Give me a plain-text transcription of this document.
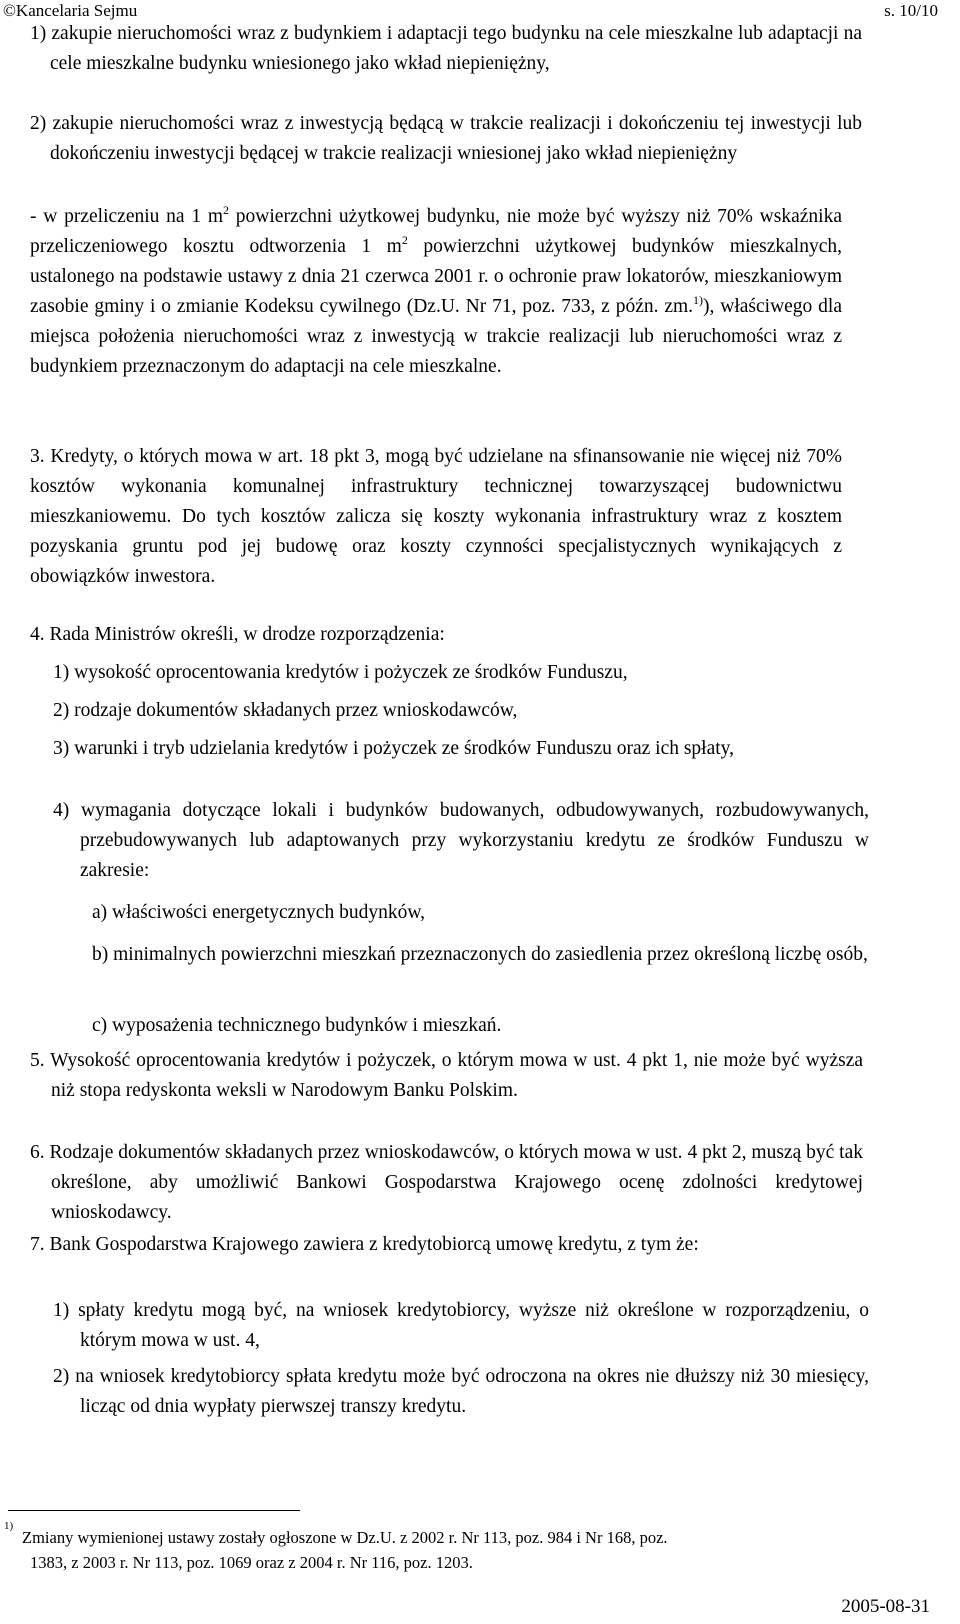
©Kancelaria Sejmu	s. 10/10

1) zakupie nieruchomości wraz z budynkiem i adaptacji tego budynku na cele mieszkalne lub adaptacji na cele mieszkalne budynku wniesionego jako wkład niepieniężny,

2) zakupie nieruchomości wraz z inwestycją będącą w trakcie realizacji i dokończeniu tej inwestycji lub dokończeniu inwestycji będącej w trakcie realizacji wniesionej jako wkład niepieniężny

- w przeliczeniu na 1 $m^2$ powierzchni użytkowej budynku, nie może być wyższy niż 70% wskaźnika przeliczeniowego kosztu odtworzenia 1 $m^2$ powierzchni użytkowej budynków mieszkalnych, ustalonego na podstawie ustawy z dnia 21 czerwca 2001 r. o ochronie praw lokatorów, mieszkaniowym zasobie gminy i o zmianie Kodeksu cywilnego (Dz.U. Nr 71, poz. 733, z późn. zm.$^{1)}$), właściwego dla miejsca położenia nieruchomości wraz z inwestycją w trakcie realizacji lub nieruchomości wraz z budynkiem przeznaczonym do adaptacji na cele mieszkalne.

3. Kredyty, o których mowa w art. 18 pkt 3, mogą być udzielane na sfinansowanie nie więcej niż 70% kosztów wykonania komunalnej infrastruktury technicznej towarzyszącej budownictwu mieszkaniowemu. Do tych kosztów zalicza się koszty wykonania infrastruktury wraz z kosztem pozyskania gruntu pod jej budowę oraz koszty czynności specjalistycznych wynikających z obowiązków inwestora.

4. Rada Ministrów określi, w drodze rozporządzenia:

1) wysokość oprocentowania kredytów i pożyczek ze środków Funduszu,

2) rodzaje dokumentów składanych przez wnioskodawców,

3) warunki i tryb udzielania kredytów i pożyczek ze środków Funduszu oraz ich spłaty,

4) wymagania dotyczące lokali i budynków budowanych, odbudowywanych, rozbudowywanych, przebudowywanych lub adaptowanych przy wykorzystaniu kredytu ze środków Funduszu w zakresie:

a) właściwości energetycznych budynków,

b) minimalnych powierzchni mieszkań przeznaczonych do zasiedlenia przez określoną liczbę osób,

c) wyposażenia technicznego budynków i mieszkań.

5. Wysokość oprocentowania kredytów i pożyczek, o którym mowa w ust. 4 pkt 1, nie może być wyższa niż stopa redyskonta weksli w Narodowym Banku Polskim.

6. Rodzaje dokumentów składanych przez wnioskodawców, o których mowa w ust. 4 pkt 2, muszą być tak określone, aby umożliwić Bankowi Gospodarstwa Krajowego ocenę zdolności kredytowej wnioskodawcy.

7. Bank Gospodarstwa Krajowego zawiera z kredytobiorcą umowę kredytu, z tym że:

1) spłaty kredytu mogą być, na wniosek kredytobiorcy, wyższe niż określone w rozporządzeniu, o którym mowa w ust. 4,

2) na wniosek kredytobiorcy spłata kredytu może być odroczona na okres nie dłuższy niż 30 miesięcy, licząc od dnia wypłaty pierwszej transzy kredytu.

1)
Zmiany wymienionej ustawy zostały ogłoszone w Dz.U. z 2002 r. Nr 113, poz. 984 i Nr 168, poz.
1383, z 2003 r. Nr 113, poz. 1069 oraz z 2004 r. Nr 116, poz. 1203.
2005-08-31
